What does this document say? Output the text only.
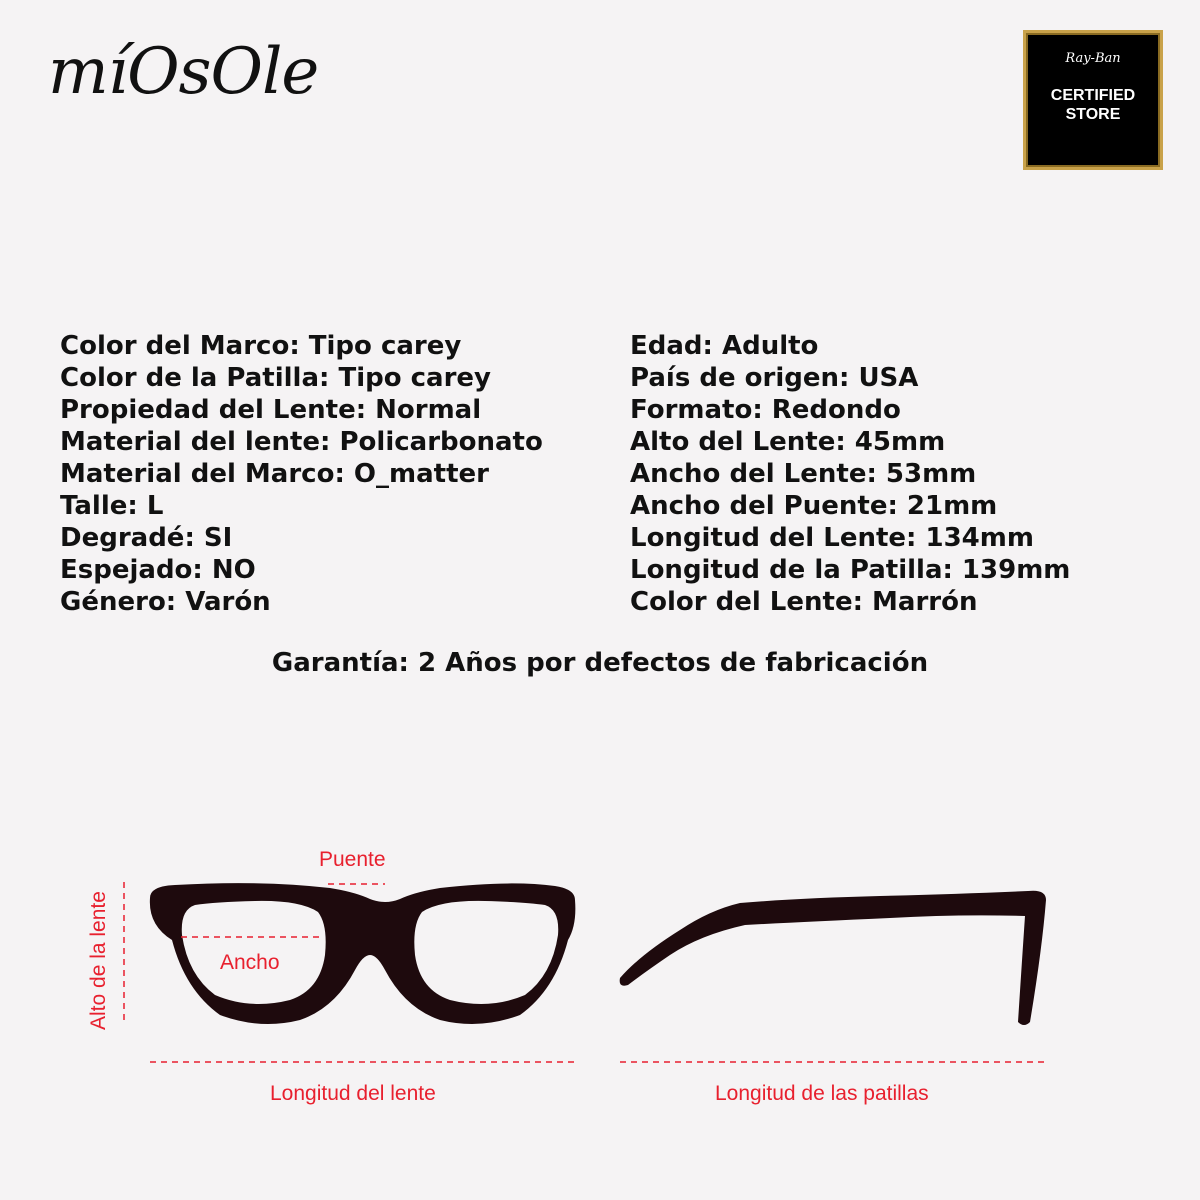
míOsOle	Ray-Ban
CERTIFIED
STORE
Color del Marco: Tipo carey
Color de la Patilla: Tipo carey
Propiedad del Lente: Normal
Material del lente: Policarbonato
Material del Marco: O_matter
Talle: L
Degradé: SI
Espejado: NO
Género: Varón
Edad: Adulto
País de origen: USA
Formato: Redondo
Alto del Lente: 45mm
Ancho del Lente: 53mm
Ancho del Puente: 21mm
Longitud del Lente: 134mm
Longitud de la Patilla: 139mm
Color del Lente: Marrón
Garantía: 2 Años por defectos de fabricación
Alto de la lente
Puente
Ancho
Longitud del lente	Longitud de las patillas
